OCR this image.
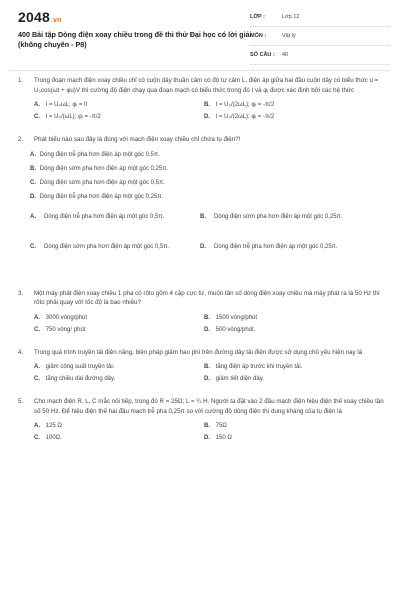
2048.vn
400 Bài tập Dòng điện xoay chiều trong đề thi thử Đại học có lời giải (không chuyên - P8)
LỚP :	Lớp 12
MÔN :	Vật lý
SỐ CÂU : 40
1. Trong đoạn mạch điện xoay chiều chỉ có cuộn dây thuần cảm có độ tự cảm L, điện áp giữa hai đầu cuộn dây có biểu thức u = U₀cos(ωt + φu)V thì cường độ điện chạy qua đoạn mạch có biểu thức trong đó I và φᵢ được xác định bởi các hệ thức
A. I = U₀ωL; φᵢ = 0	B. I = U₀/(2ωL); φᵢ = -π/2
C. I = U₀/(ωL); φᵢ = -π/2	D. I = U₀/(2ωL); φᵢ = -π/2
2. Phát biểu nào sau đây là đúng với mạch điện xoay chiều chỉ chứa tụ điện?!
A. Dòng điện trễ pha hơn điện áp một góc 0,5π.
B. Dòng điện sớm pha hơn điện áp một góc 0,25π.
C. Dòng điện sớm pha hơn điện áp một góc 0,5π.
D. Dòng điện trễ pha hơn điện áp một góc 0,25π.
A. Dòng điện trễ pha hơn điện áp một góc 0,5π.	B. Dòng điện sớm pha hơn điện áp một góc 0,25π.
C. Dòng điện sớm pha hơn điện áp một góc 0,5π.	D. Dòng điện trễ pha hơn điện áp một góc 0,25π.
3. Một máy phát điện xoay chiều 1 pha có rôto gồm 4 cặp cực từ, muốn tần số dòng điện xoay chiều mà máy phát ra là 50 Hz thì rôto phải quay với tốc độ là bao nhiêu?
A. 3000 vòng/phút	B. 1500 vòng/phút
C. 750 vòng/ phút	D. 500 vòng/phút.
4. Trong quá trình truyền tải điện năng, biện pháp giảm hao phí trên đường dây tải điện được sử dụng chủ yếu hiện nay là
A. giảm công suất truyền tải.	B. tăng điện áp trước khi truyền tải.
C. tăng chiều dài đường dây.	D. giảm tiết diện dây.
5. Cho mạch điện R, L, C mắc nối tiếp, trong đó R = 25Ω; L = ¼ H. Người ta đặt vào 2 đầu mạch điện hiệu điện thế xoay chiều tần số 50 Hz. Để hiệu điện thế hai đầu mạch trễ pha 0,25π so với cường độ dòng điện thì dung kháng của tụ điện là
A. 125 Ω	B. 75Ω
C. 100Ω.	D. 150 Ω
